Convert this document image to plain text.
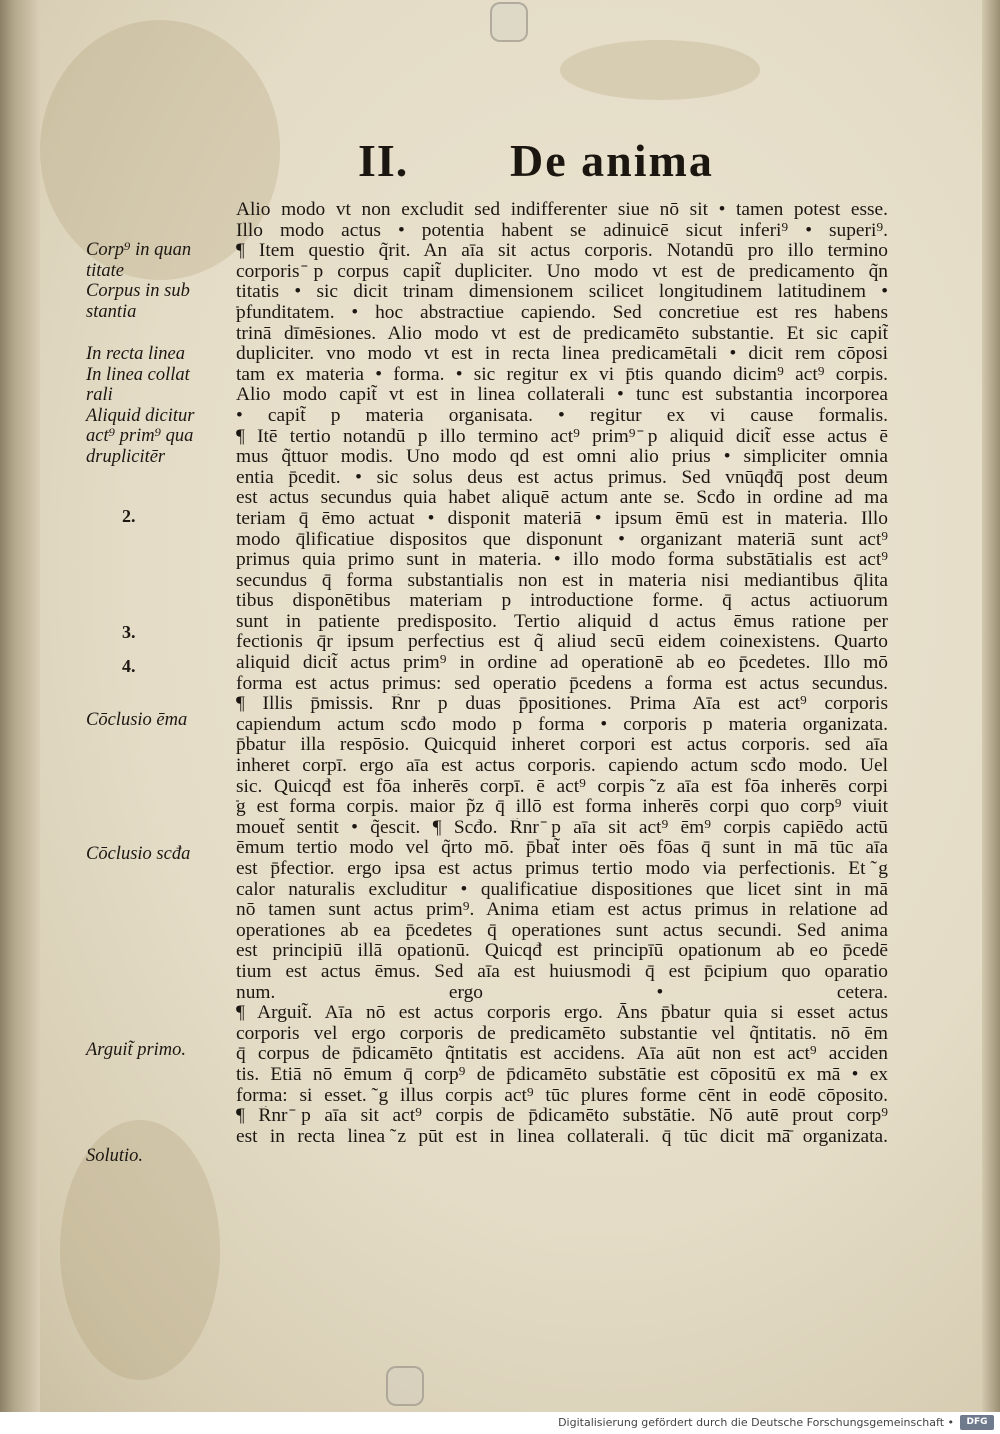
II. De anima
Corp⁹ in quan
titate
Corpus in sub
stantia
In recta linea
In linea collat
rali
Aliquid dicitur
act⁹ prim⁹ qua
druplicitēr
2.
3.
4.
Cōclusio ēma
Cōclusio scđa
Arguit̃ primo.
Solutio.
Alio modo vt non excludit sed indifferenter siue nō sit • tamen potest esse.
Illo modo actus • potentia habent se adinuicē sicut inferi⁹ • superi⁹.
¶ Item questio q̃rit. An aīa sit actus corporis. Notandū pro illo termino
corporis ̄p corpus capit̃ dupliciter. Uno modo vt est de predicamento q̃n
titatis • sic dicit trinam dimensionem scilicet longitudinem latitudinem •
̄pfunditatem. • hoc abstractiue capiendo. Sed concretiue est res habens
trinā dīmēsiones. Alio modo vt est de predicamēto substantie. Et sic capit̃
dupliciter. vno modo vt est in recta linea predicamētali • dicit rem cōposi
tam ex materia • forma. • sic regitur ex vi p̄tis quando dicim⁹ act⁹ corpis.
Alio modo capit̃ vt est in linea collaterali • tunc est substantia incorporea
• capit̃ p materia organisata. • regitur ex vi cause formalis.
¶ Itē tertio notandū p illo termino act⁹ prim⁹ ̄p aliquid dicit̃ esse actus ē
mus q̃ttuor modis. Uno modo qd est omni alio prius • simpliciter omnia
entia p̄cedit. • sic solus deus est actus primus. Sed vnūqđq̄ post deum
est actus secundus quia habet aliquē actum ante se. Scđo in ordine ad ma
teriam q̄ ēmo actuat • disponit materiā • ipsum ēmū est in materia. Illo
modo q̄lificatiue dispositos que disponunt • organizant materiā sunt act⁹
primus quia primo sunt in materia. • illo modo forma substātialis est act⁹
secundus q̄ forma substantialis non est in materia nisi mediantibus q̄lita
tibus disponētibus materiam p introductione forme. q̄ actus actiuorum
sunt in patiente predisposito. Tertio aliquid d̃ actus ēmus ratione per
fectionis q̄r ipsum perfectius est q̃ aliud secū eidem coinexistens. Quarto
aliquid dicit̃ actus prim⁹ in ordine ad operationē ab eo p̄cedetes. Illo mō
forma est actus primus: sed operatio p̄cedens a forma est actus secundus.
¶ Illis p̄missis. R̃nr p duas p̄positiones. Prima Aīa est act⁹ corporis
capiendum actum scđo modo p forma • corporis p materia organizata.
p̄batur illa respōsio. Quicquid inheret corpori est actus corporis. sed aīa
inheret corpī. ergo aīa est actus corporis. capiendo actum scđo modo. Uel
sic. Quicqđ est fōa inherēs corpī. ē act⁹ corpis ̃z aīa est fōa inherēs corpi
̄g est forma corpis. maior p̃z q̄ illō est forma inherēs corpi quo corp⁹ viuit
mouet̃ sentit • q̃escit. ¶ Scđo. R̃nr ̄p aīa sit act⁹ ēm⁹ corpis capiēdo actū
ēmum tertio modo vel q̃rto mō. p̄bat̃ inter oēs fōas q̄ sunt in mā tūc aīa
est p̄fectior. ergo ipsa est actus primus tertio modo via perfectionis. Et ̃g
calor naturalis excluditur • qualificatiue dispositiones que licet sint in mā
nō tamen sunt actus prim⁹. Anima etiam est actus primus in relatione ad
operationes ab ea p̄cedetes q̄ operationes sunt actus secundi. Sed anima
est principiū illā opationū. Quicqđ est principīū opationum ab eo p̄cedē
tium est actus ēmus. Sed aīa est huiusmodi q̄ est p̄cipium quo oparatio
num. ergo • cetera.
¶ Arguit̃. Aīa nō est actus corporis ergo. Āns p̄batur quia si esset actus
corporis vel ergo corporis de predicamēto substantie vel q̃ntitatis. nō ēm
q̄ corpus de p̄dicamēto q̃ntitatis est accidens. Aīa aūt non est act⁹ acciden
tis. Etiā nō ēmum q̄ corp⁹ de p̄dicamēto substātie est cōpositū ex mā • ex
forma: si esset. ̃g illus corpis act⁹ tūc plures forme cēnt in eodē cōposito.
¶ R̃nr ̄p aīa sit act⁹ corpis de p̄dicamēto substātie. Nō autē prout corp⁹
est in recta linea ̃z pūt est in linea collaterali. q̄ tūc dicit mā̄ organizata.
Digitalisierung gefördert durch die Deutsche Forschungsgemeinschaft •	DFG
